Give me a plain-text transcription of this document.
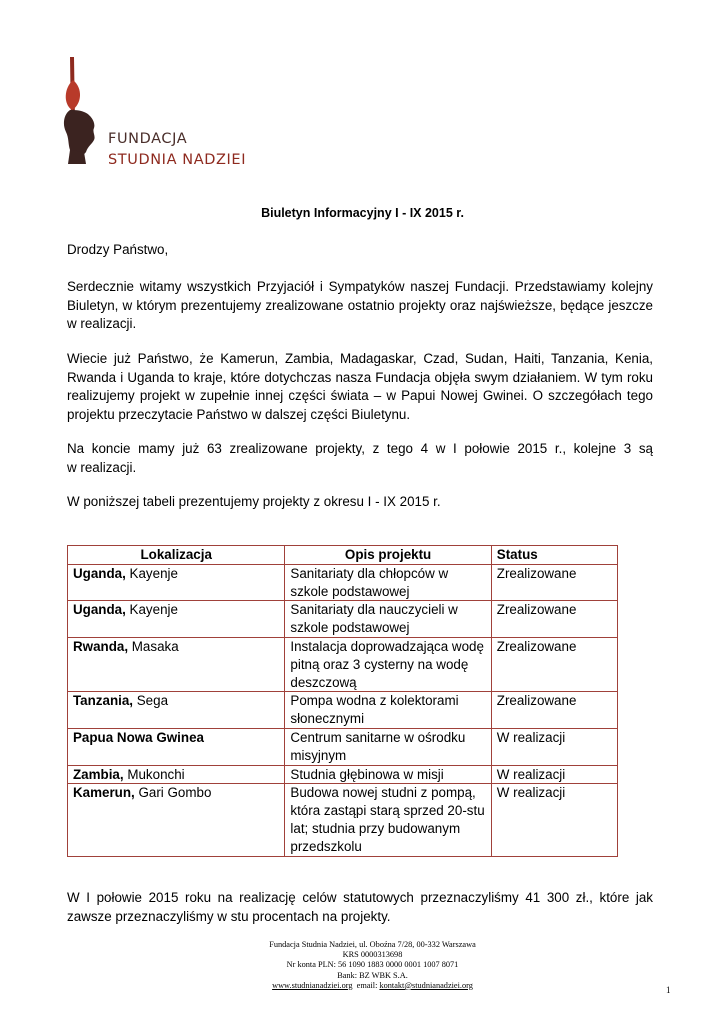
FUNDACJA
STUDNIA NADZIEI
Biuletyn Informacyjny I - IX 2015 r.
Drodzy Państwo,
Serdecznie witamy wszystkich Przyjaciół i Sympatyków naszej Fundacji. Przedstawiamy kolejny
Biuletyn, w którym prezentujemy zrealizowane ostatnio projekty oraz najświeższe, będące jeszcze
w realizacji.
Wiecie już Państwo, że Kamerun, Zambia, Madagaskar, Czad, Sudan, Haiti, Tanzania, Kenia,
Rwanda i Uganda to kraje, które dotychczas nasza Fundacja objęła swym działaniem. W tym roku
realizujemy projekt w zupełnie innej części świata – w Papui Nowej Gwinei. O szczegółach tego
projektu przeczytacie Państwo w dalszej części Biuletynu.
Na koncie mamy już 63 zrealizowane projekty, z tego 4 w I połowie 2015 r., kolejne 3 są
w realizacji.
W poniższej tabeli prezentujemy projekty z okresu I - IX 2015 r.
Lokalizacja	Opis projektu	Status
Uganda, Kayenje	Sanitariaty dla chłopców w szkole podstawowej	Zrealizowane
Uganda, Kayenje	Sanitariaty dla nauczycieli w szkole podstawowej	Zrealizowane
Rwanda, Masaka	Instalacja doprowadzająca wodę pitną oraz 3 cysterny na wodę deszczową	Zrealizowane
Tanzania, Sega	Pompa wodna z kolektorami słonecznymi	Zrealizowane
Papua Nowa Gwinea	Centrum sanitarne w ośrodku misyjnym	W realizacji
Zambia, Mukonchi	Studnia głębinowa w misji	W realizacji
Kamerun, Gari Gombo	Budowa nowej studni z pompą, która zastąpi starą sprzed 20-stu lat; studnia przy budowanym przedszkolu	W realizacji
W I połowie 2015 roku na realizację celów statutowych przeznaczyliśmy 41 300 zł., które jak
zawsze przeznaczyliśmy w stu procentach na projekty.
Fundacja Studnia Nadziei, ul. Oboźna 7/28, 00-332 Warszawa
KRS 0000313698
Nr konta PLN: 56 1090 1883 0000 0001 1007 8071
Bank: BZ WBK S.A.
www.studnianadziei.org  email: kontakt@studnianadziei.org	1
